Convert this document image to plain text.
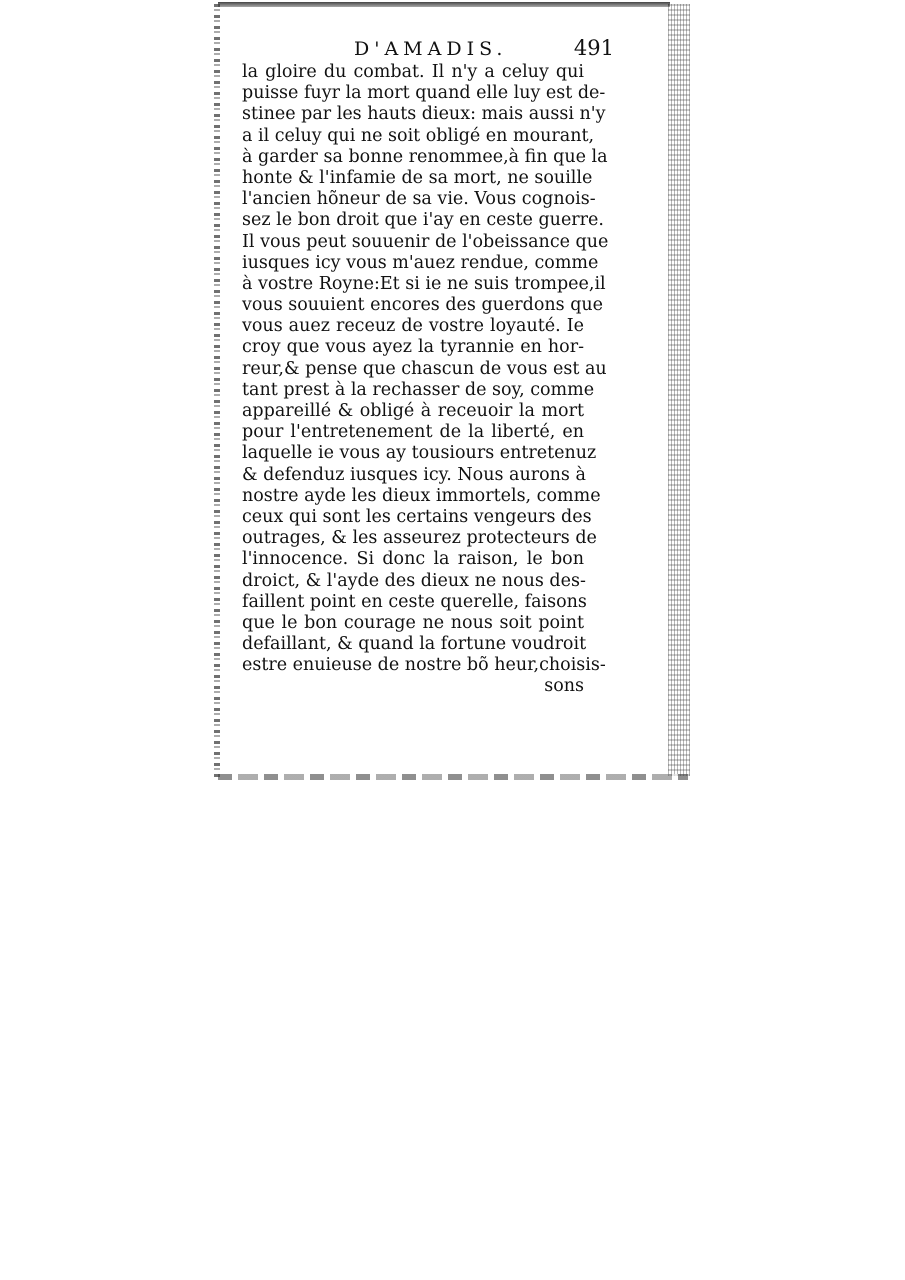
D'AMADIS.	491
la gloire du combat. Il n'y a celuy qui
puisse fuyr la mort quand elle luy est de-
stinee par les hauts dieux: mais aussi n'y
a il celuy qui ne soit obligé en mourant,
à garder sa bonne renommee,à fin que la
honte & l'infamie de sa mort, ne souille
l'ancien hõneur de sa vie. Vous cognois-
sez le bon droit que i'ay en ceste guerre.
Il vous peut souuenir de l'obeissance que
iusques icy vous m'auez rendue, comme
à vostre Royne:Et si ie ne suis trompee,il
vous souuient encores des guerdons que
vous auez receuz de vostre loyauté. Ie
croy que vous ayez la tyrannie en hor-
reur,& pense que chascun de vous est au
tant prest à la rechasser de soy, comme
appareillé & obligé à receuoir la mort
pour l'entretenement de la liberté, en
laquelle ie vous ay tousiours entretenuz
& defenduz iusques icy. Nous aurons à
nostre ayde les dieux immortels, comme
ceux qui sont les certains vengeurs des
outrages, & les asseurez protecteurs de
l'innocence. Si donc la raison, le bon
droict, & l'ayde des dieux ne nous des-
faillent point en ceste querelle, faisons
que le bon courage ne nous soit point
defaillant, & quand la fortune voudroit
estre enuieuse de nostre bõ heur,choisis-
sons
